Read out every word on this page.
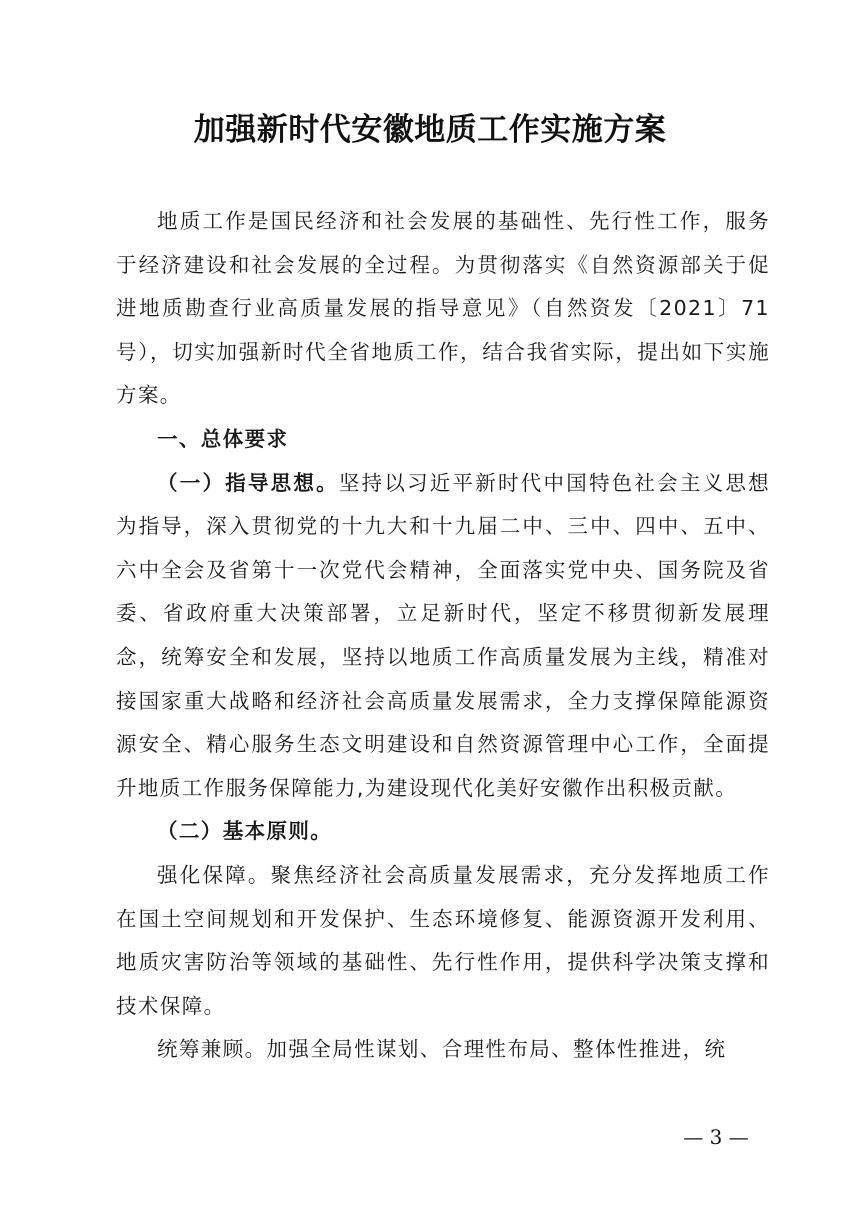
加强新时代安徽地质工作实施方案

地质工作是国民经济和社会发展的基础性、先行性工作，服务于经济建设和社会发展的全过程。为贯彻落实《自然资源部关于促进地质勘查行业高质量发展的指导意见》（自然资发〔2021〕71号），切实加强新时代全省地质工作，结合我省实际，提出如下实施方案。

一、总体要求

（一）指导思想。坚持以习近平新时代中国特色社会主义思想为指导，深入贯彻党的十九大和十九届二中、三中、四中、五中、六中全会及省第十一次党代会精神，全面落实党中央、国务院及省委、省政府重大决策部署，立足新时代，坚定不移贯彻新发展理念，统筹安全和发展，坚持以地质工作高质量发展为主线，精准对接国家重大战略和经济社会高质量发展需求，全力支撑保障能源资源安全、精心服务生态文明建设和自然资源管理中心工作，全面提升地质工作服务保障能力,为建设现代化美好安徽作出积极贡献。

（二）基本原则。

强化保障。聚焦经济社会高质量发展需求，充分发挥地质工作在国土空间规划和开发保护、生态环境修复、能源资源开发利用、地质灾害防治等领域的基础性、先行性作用，提供科学决策支撑和技术保障。

统筹兼顾。加强全局性谋划、合理性布局、整体性推进，统

— 3 —
